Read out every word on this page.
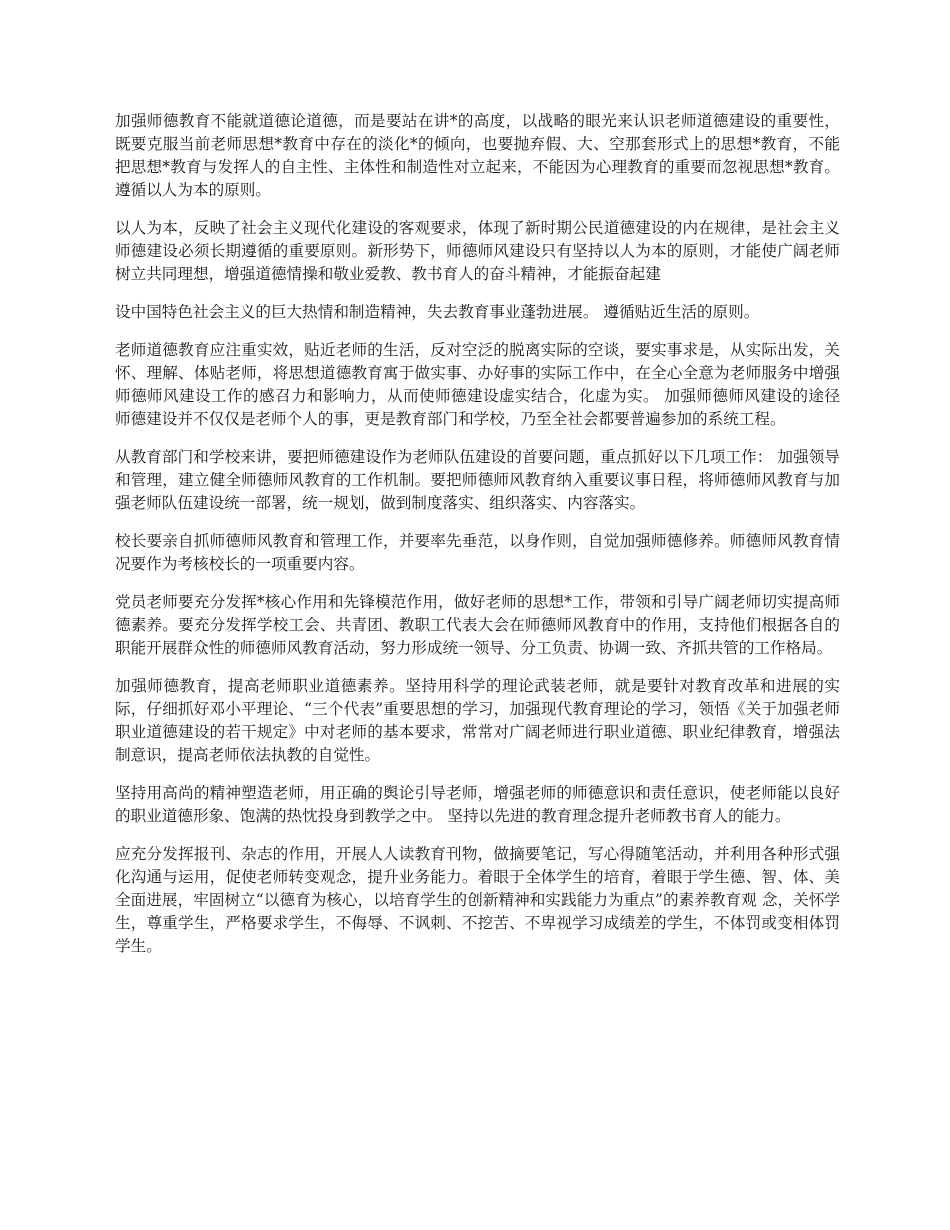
加强师德教育不能就道德论道德，而是要站在讲*的高度，以战略的眼光来认识老师道德建设的重要性，既要克服当前老师思想*教育中存在的淡化*的倾向，也要抛弃假、大、空那套形式上的思想*教育，不能把思想*教育与发挥人的自主性、主体性和制造性对立起来，不能因为心理教育的重要而忽视思想*教育。 遵循以人为本的原则。

以人为本，反映了社会主义现代化建设的客观要求，体现了新时期公民道德建设的内在规律，是社会主义师德建设必须长期遵循的重要原则。新形势下，师德师风建设只有坚持以人为本的原则，才能使广阔老师树立共同理想，增强道德情操和敬业爱教、教书育人的奋斗精神，才能振奋起建

设中国特色社会主义的巨大热情和制造精神，失去教育事业蓬勃进展。 遵循贴近生活的原则。

老师道德教育应注重实效，贴近老师的生活，反对空泛的脱离实际的空谈，要实事求是，从实际出发，关怀、理解、体贴老师，将思想道德教育寓于做实事、办好事的实际工作中，在全心全意为老师服务中增强师德师风建设工作的感召力和影响力，从而使师德建设虚实结合，化虚为实。 加强师德师风建设的途径 师德建设并不仅仅是老师个人的事，更是教育部门和学校，乃至全社会都要普遍参加的系统工程。

从教育部门和学校来讲，要把师德建设作为老师队伍建设的首要问题，重点抓好以下几项工作： 加强领导和管理，建立健全师德师风教育的工作机制。要把师德师风教育纳入重要议事日程，将师德师风教育与加强老师队伍建设统一部署，统一规划，做到制度落实、组织落实、内容落实。

校长要亲自抓师德师风教育和管理工作，并要率先垂范，以身作则，自觉加强师德修养。师德师风教育情况要作为考核校长的一项重要内容。

党员老师要充分发挥*核心作用和先锋模范作用，做好老师的思想*工作，带领和引导广阔老师切实提高师德素养。要充分发挥学校工会、共青团、教职工代表大会在师德师风教育中的作用，支持他们根据各自的职能开展群众性的师德师风教育活动，努力形成统一领导、分工负责、协调一致、齐抓共管的工作格局。

加强师德教育，提高老师职业道德素养。坚持用科学的理论武装老师，就是要针对教育改革和进展的实际，仔细抓好邓小平理论、“三个代表”重要思想的学习，加强现代教育理论的学习，领悟《关于加强老师职业道德建设的若干规定》中对老师的基本要求，常常对广阔老师进行职业道德、职业纪律教育，增强法制意识，提高老师依法执教的自觉性。

坚持用高尚的精神塑造老师，用正确的舆论引导老师，增强老师的师德意识和责任意识，使老师能以良好的职业道德形象、饱满的热忱投身到教学之中。 坚持以先进的教育理念提升老师教书育人的能力。

应充分发挥报刊、杂志的作用，开展人人读教育刊物，做摘要笔记，写心得随笔活动，并利用各种形式强化沟通与运用，促使老师转变观念，提升业务能力。着眼于全体学生的培育，着眼于学生德、智、体、美全面进展，牢固树立“以德育为核心，以培育学生的创新精神和实践能力为重点”的素养教育观 念，关怀学生，尊重学生，严格要求学生，不侮辱、不讽刺、不挖苦、不卑视学习成绩差的学生，不体罚或变相体罚学生。
